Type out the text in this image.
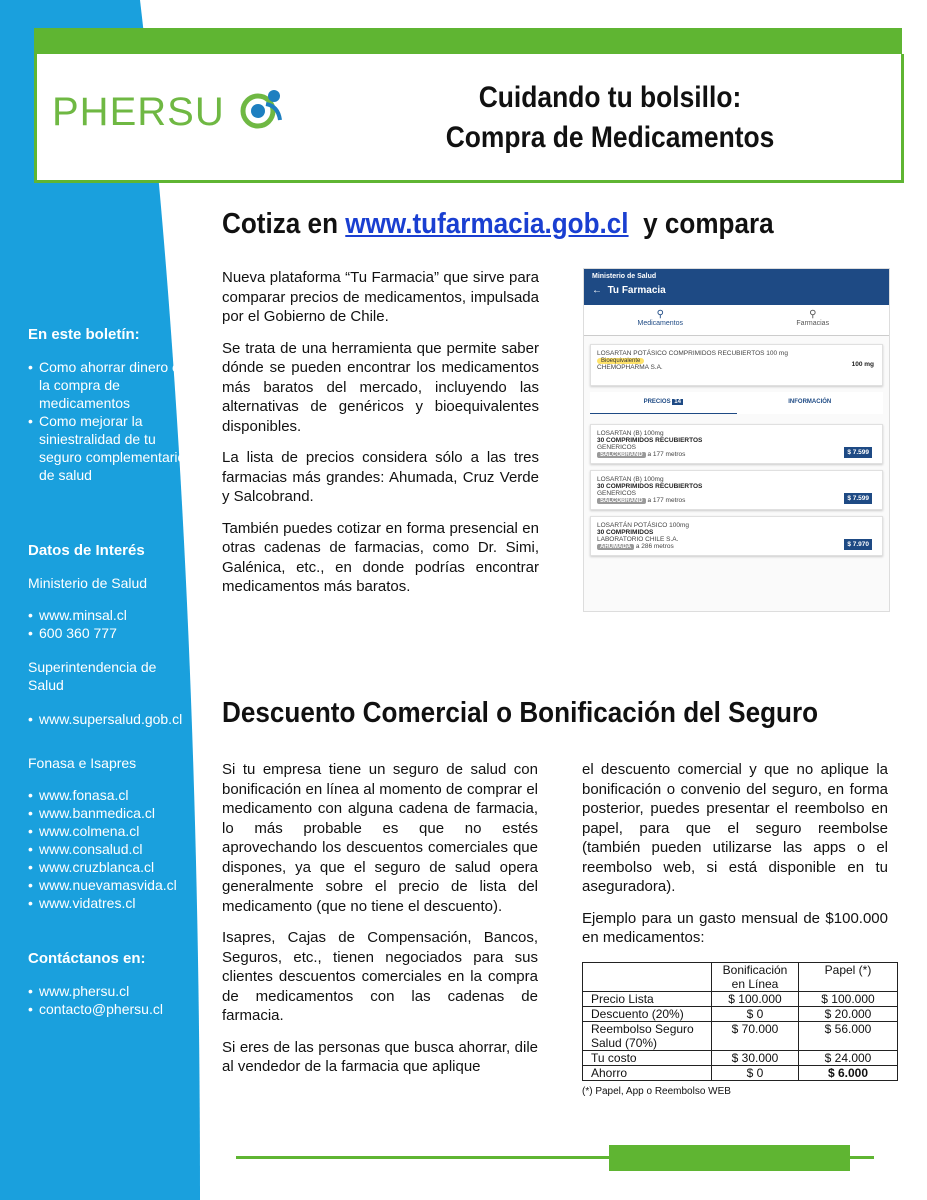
En este boletín:
• Como ahorrar dinero en la compra de medicamentos
• Como mejorar la siniestralidad de tu seguro complementario de salud
Datos de Interés
Ministerio de Salud
• www.minsal.cl
• 600 360 777
Superintendencia de Salud
• www.supersalud.gob.cl
Fonasa e Isapres
• www.fonasa.cl
• www.banmedica.cl
• www.colmena.cl
• www.consalud.cl
• www.cruzblanca.cl
• www.nuevamasvida.cl
• www.vidatres.cl
Contáctanos en:
• www.phersu.cl
• contacto@phersu.cl
PHERSU	Cuidando tu bolsillo:
Compra de Medicamentos
Cotiza en www.tufarmacia.gob.cl y compara

Nueva plataforma “Tu Farmacia” que sirve para comparar precios de medicamentos, impulsada por el Gobierno de Chile.

Se trata de una herramienta que permite saber dónde se pueden encontrar los medicamentos más baratos del mercado, incluyendo las alternativas de genéricos y bioequivalentes disponibles.

La lista de precios considera sólo a las tres farmacias más grandes: Ahumada, Cruz Verde y Salcobrand.

También puedes cotizar en forma presencial en otras cadenas de farmacias, como Dr. Simi, Galénica, etc., en donde podrías encontrar medicamentos más baratos.

Ministerio de Salud
← Tu Farmacia
⚲
Medicamentos
⚲
Farmacias
LOSARTAN POTÁSICO COMPRIMIDOS RECUBIERTOS 100 mg
100 mg
Bioequivalente
CHEMOPHARMA S.A.
PRECIOS 14	INFORMACIÓN
LOSARTAN (B) 100mg
30 COMPRIMIDOS RECUBIERTOS
GENERICOS
SALCOBRAND a 177 metros	$ 7.599
LOSARTAN (B) 100mg
30 COMPRIMIDOS RECUBIERTOS
GENERICOS
SALCOBRAND a 177 metros	$ 7.599
LOSARTÁN POTÁSICO 100mg
30 COMPRIMIDOS
LABORATORIO CHILE S.A.
AHUMADA a 286 metros	$ 7.970
Descuento Comercial o Bonificación del Seguro

Si tu empresa tiene un seguro de salud con bonificación en línea al momento de comprar el medicamento con alguna cadena de farmacia, lo más probable es que no estés aprovechando los descuentos comerciales que dispones, ya que el seguro de salud opera generalmente sobre el precio de lista del medicamento (que no tiene el descuento).

Isapres, Cajas de Compensación, Bancos, Seguros, etc., tienen negociados para sus clientes descuentos comerciales en la compra de medicamentos con las cadenas de farmacia.

Si eres de las personas que busca ahorrar, dile al vendedor de la farmacia que aplique

el descuento comercial y que no aplique la bonificación o convenio del seguro, en forma posterior, puedes presentar el reembolso en papel, para que el seguro reembolse (también pueden utilizarse las apps o el reembolso web, si está disponible en tu aseguradora).

Ejemplo para un gasto mensual de $100.000 en medicamentos:

	Bonificación en Línea	Papel (*)
Precio Lista	$ 100.000	$ 100.000
Descuento (20%)	$ 0	$ 20.000
Reembolso Seguro Salud (70%)	$ 70.000	$ 56.000
Tu costo	$ 30.000	$ 24.000
Ahorro	$ 0	$ 6.000
(*) Papel, App o Reembolso WEB
